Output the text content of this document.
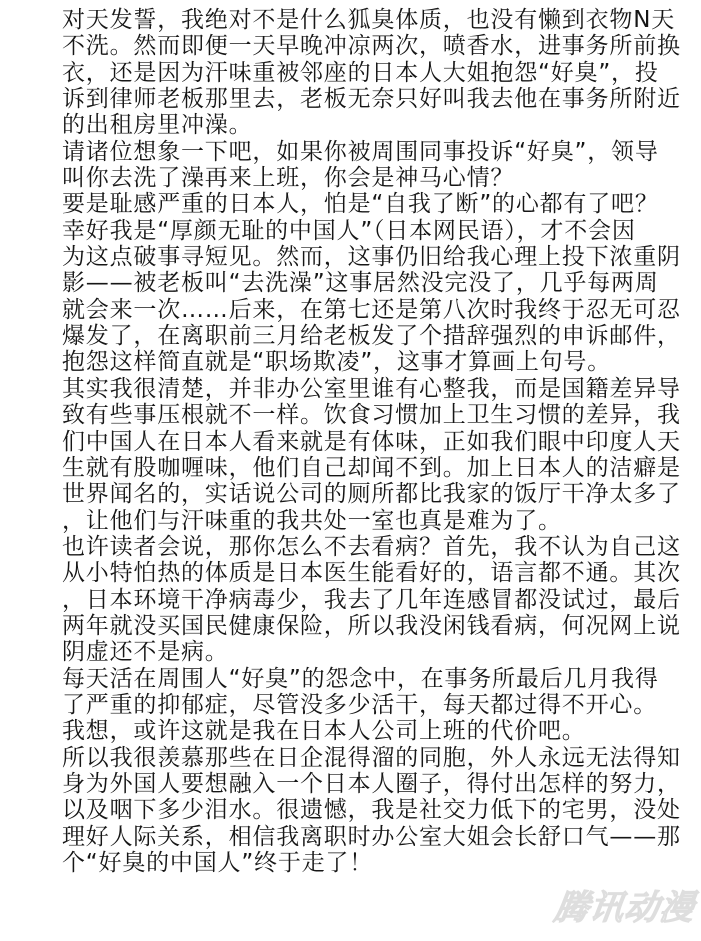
对天发誓，我绝对不是什么狐臭体质，也没有懒到衣物N天
不洗。然而即便一天早晚冲凉两次，喷香水，进事务所前换
衣，还是因为汗味重被邻座的日本人大姐抱怨“好臭”，投
诉到律师老板那里去，老板无奈只好叫我去他在事务所附近
的出租房里冲澡。
请诸位想象一下吧，如果你被周围同事投诉“好臭”，领导
叫你去洗了澡再来上班，你会是神马心情？
要是耻感严重的日本人，怕是“自我了断”的心都有了吧？
幸好我是“厚颜无耻的中国人”（日本网民语），才不会因
为这点破事寻短见。然而，这事仍旧给我心理上投下浓重阴
影——被老板叫“去洗澡”这事居然没完没了，几乎每两周
就会来一次……后来，在第七还是第八次时我终于忍无可忍
爆发了，在离职前三月给老板发了个措辞强烈的申诉邮件，
抱怨这样简直就是“职场欺凌”，这事才算画上句号。
其实我很清楚，并非办公室里谁有心整我，而是国籍差异导
致有些事压根就不一样。饮食习惯加上卫生习惯的差异，我
们中国人在日本人看来就是有体味，正如我们眼中印度人天
生就有股咖喱味，他们自己却闻不到。加上日本人的洁癖是
世界闻名的，实话说公司的厕所都比我家的饭厅干净太多了
，让他们与汗味重的我共处一室也真是难为了。
也许读者会说，那你怎么不去看病？首先，我不认为自己这
从小特怕热的体质是日本医生能看好的，语言都不通。其次
，日本环境干净病毒少，我去了几年连感冒都没试过，最后
两年就没买国民健康保险，所以我没闲钱看病，何况网上说
阴虚还不是病。
每天活在周围人“好臭”的怨念中，在事务所最后几月我得
了严重的抑郁症，尽管没多少活干，每天都过得不开心。
我想，或许这就是我在日本人公司上班的代价吧。
所以我很羡慕那些在日企混得溜的同胞，外人永远无法得知
身为外国人要想融入一个日本人圈子，得付出怎样的努力，
以及咽下多少泪水。很遗憾，我是社交力低下的宅男，没处
理好人际关系，相信我离职时办公室大姐会长舒口气——那
个“好臭的中国人”终于走了！
腾讯动漫
